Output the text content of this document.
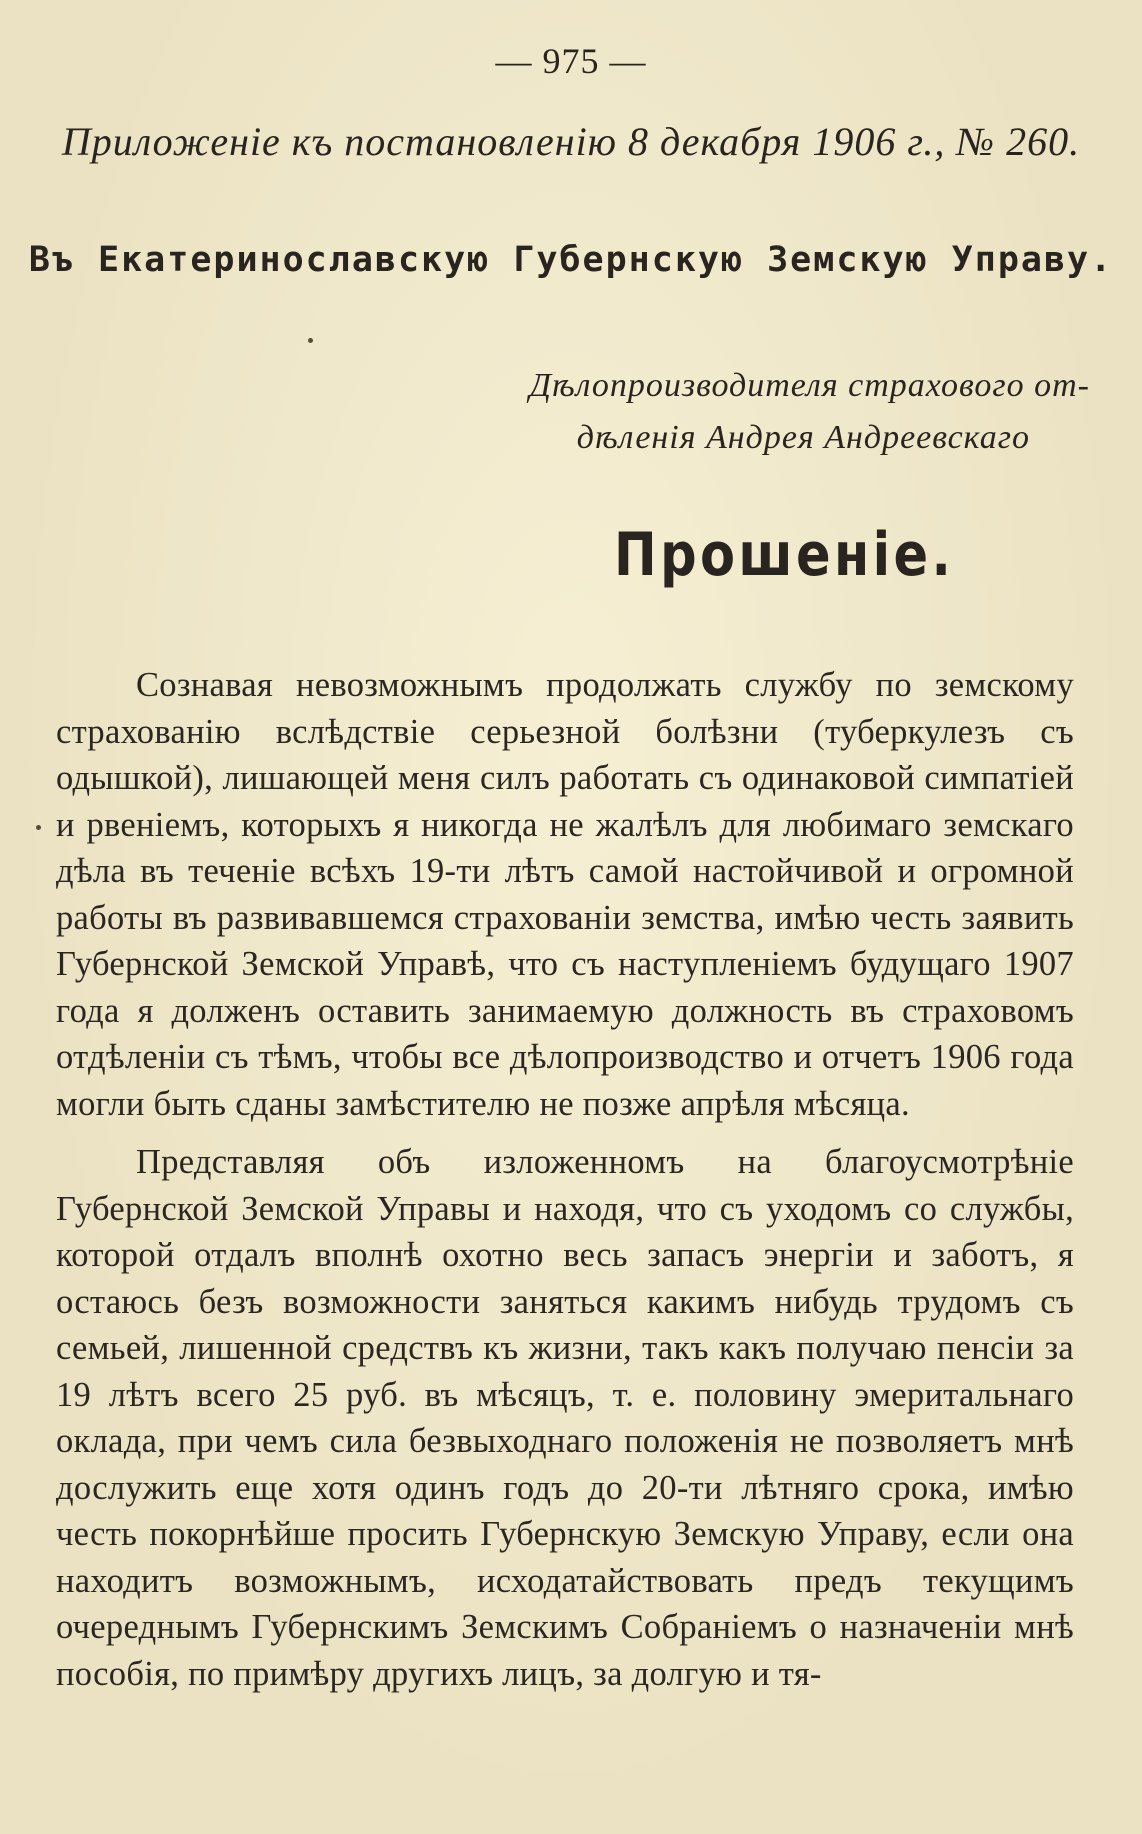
— 975 —
Приложеніе къ постановленію 8 декабря 1906 г., № 260.
Въ Екатеринославскую Губернскую Земскую Управу.
Дѣлопроизводителя страхового от-
дѣленія Андрея Андреевскаго
Прошеніе.

Сознавая невозможнымъ продолжать службу по земскому страхованію вслѣдствіе серьезной болѣзни (туберкулезъ съ одышкой), лишающей меня силъ работать съ одинаковой симпатіей и рвеніемъ, которыхъ я никогда не жалѣлъ для любимаго земскаго дѣла въ теченіе всѣхъ 19-ти лѣтъ самой настойчивой и огромной работы въ развивавшемся страхованіи земства, имѣю честь заявить Губернской Земской Управѣ, что съ наступленіемъ будущаго 1907 года я долженъ оставить занимаемую должность въ страховомъ отдѣленіи съ тѣмъ, чтобы все дѣлопроизводство и отчетъ 1906 года могли быть сданы замѣстителю не позже апрѣля мѣсяца.

Представляя объ изложенномъ на благоусмотрѣніе Губернской Земской Управы и находя, что съ уходомъ со службы, которой отдалъ вполнѣ охотно весь запасъ энергіи и заботъ, я остаюсь безъ возможности заняться какимъ нибудь трудомъ съ семьей, лишенной средствъ къ жизни, такъ какъ получаю пенсіи за 19 лѣтъ всего 25 руб. въ мѣсяцъ, т. е. половину эмеритальнаго оклада, при чемъ сила безвыходнаго положенія не позволяетъ мнѣ дослужить еще хотя одинъ годъ до 20-ти лѣтняго срока, имѣю честь покорнѣйше просить Губернскую Земскую Управу, если она находитъ возможнымъ, исходатайствовать предъ текущимъ очереднымъ Губернскимъ Земскимъ Собраніемъ о назначеніи мнѣ пособія, по примѣру другихъ лицъ, за долгую и тя-
